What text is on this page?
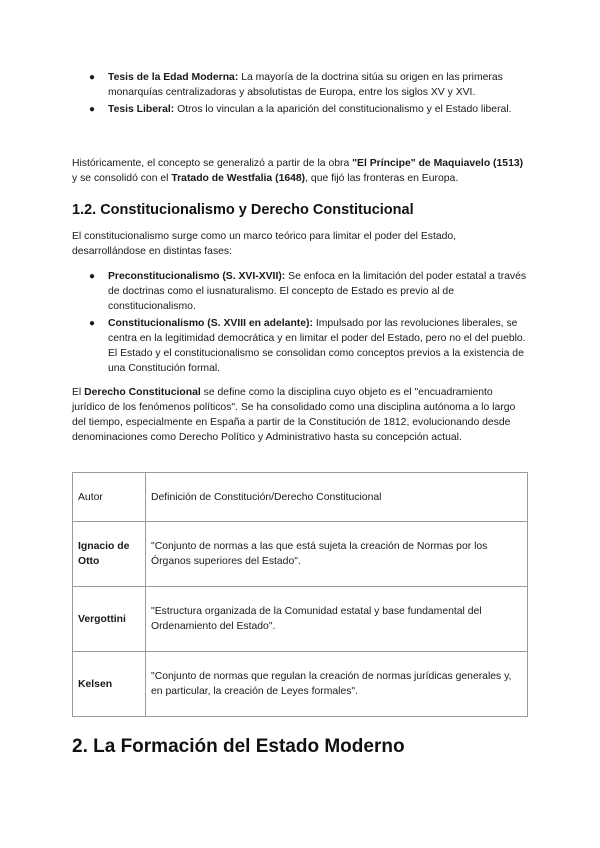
● Tesis de la Edad Moderna: La mayoría de la doctrina sitúa su origen en las primeras monarquías centralizadoras y absolutistas de Europa, entre los siglos XV y XVI.
● Tesis Liberal: Otros lo vinculan a la aparición del constitucionalismo y el Estado liberal.

Históricamente, el concepto se generalizó a partir de la obra "El Príncipe" de Maquiavelo (1513) y se consolidó con el Tratado de Westfalia (1648), que fijó las fronteras en Europa.

1.2. Constitucionalismo y Derecho Constitucional

El constitucionalismo surge como un marco teórico para limitar el poder del Estado, desarrollándose en distintas fases:

● Preconstitucionalismo (S. XVI-XVII): Se enfoca en la limitación del poder estatal a través de doctrinas como el iusnaturalismo. El concepto de Estado es previo al de constitucionalismo.
● Constitucionalismo (S. XVIII en adelante): Impulsado por las revoluciones liberales, se centra en la legitimidad democrática y en limitar el poder del Estado, pero no el del pueblo. El Estado y el constitucionalismo se consolidan como conceptos previos a la existencia de una Constitución formal.

El Derecho Constitucional se define como la disciplina cuyo objeto es el "encuadramiento jurídico de los fenómenos políticos". Se ha consolidado como una disciplina autónoma a lo largo del tiempo, especialmente en España a partir de la Constitución de 1812, evolucionando desde denominaciones como Derecho Político y Administrativo hasta su concepción actual.

Autor	Definición de Constitución/Derecho Constitucional
Ignacio de Otto	"Conjunto de normas a las que está sujeta la creación de Normas por los Órganos superiores del Estado".
Vergottini	"Estructura organizada de la Comunidad estatal y base fundamental del Ordenamiento del Estado".
Kelsen	"Conjunto de normas que regulan la creación de normas jurídicas generales y, en particular, la creación de Leyes formales".
2. La Formación del Estado Moderno
